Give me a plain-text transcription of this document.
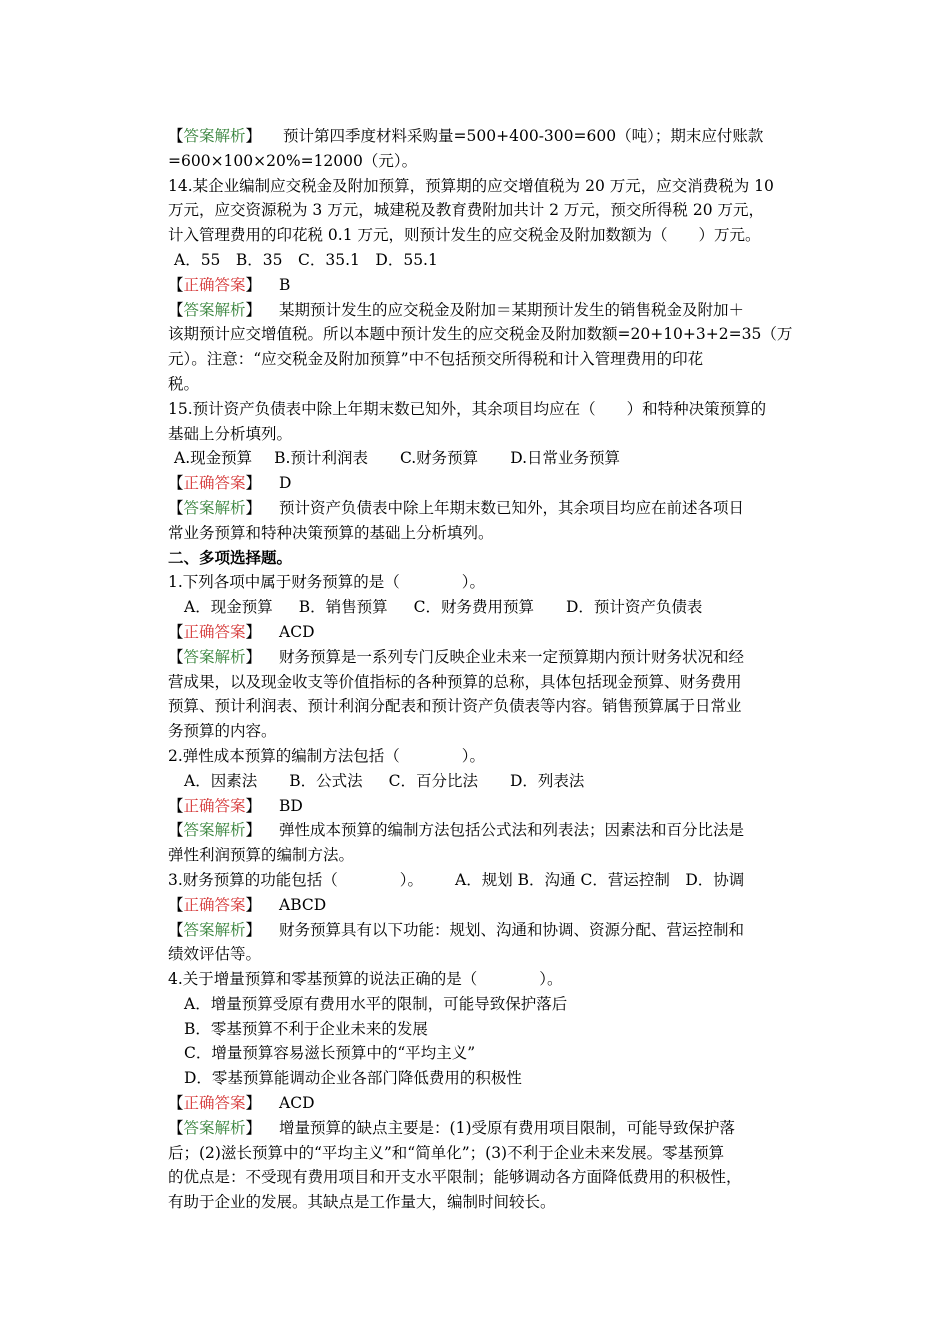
【答案解析】 预计第四季度材料采购量=500+400-300=600（吨）；期末应付账款

=600×100×20%=12000（元）。

14.某企业编制应交税金及附加预算，预算期的应交增值税为 20 万元，应交消费税为 10

万元，应交资源税为 3 万元，城建税及教育费附加共计 2 万元，预交所得税 20 万元，

计入管理费用的印花税 0.1 万元，则预计发生的应交税金及附加数额为（　　）万元。

A．55　B．35　C．35.1　D．55.1

【正确答案】 B

【答案解析】 某期预计发生的应交税金及附加＝某期预计发生的销售税金及附加＋

该期预计应交增值税。所以本题中预计发生的应交税金及附加数额=20+10+3+2=35（万

元）。注意：“应交税金及附加预算”中不包括预交所得税和计入管理费用的印花

税。

15.预计资产负债表中除上年期末数已知外，其余项目均应在（　　）和特种决策预算的

基础上分析填列。

A.现金预算 B.预计利润表 C.财务预算 D.日常业务预算

【正确答案】 D

【答案解析】 预计资产负债表中除上年期末数已知外，其余项目均应在前述各项日

常业务预算和特种决策预算的基础上分析填列。

二、多项选择题。

1.下列各项中属于财务预算的是（　　　　）。

A．现金预算 B．销售预算 C．财务费用预算 D．预计资产负债表

【正确答案】 ACD

【答案解析】 财务预算是一系列专门反映企业未来一定预算期内预计财务状况和经

营成果，以及现金收支等价值指标的各种预算的总称，具体包括现金预算、财务费用

预算、预计利润表、预计利润分配表和预计资产负债表等内容。销售预算属于日常业

务预算的内容。

2.弹性成本预算的编制方法包括（　　　　）。

A．因素法 B．公式法 C．百分比法 D．列表法

【正确答案】 BD

【答案解析】 弹性成本预算的编制方法包括公式法和列表法；因素法和百分比法是

弹性利润预算的编制方法。

3.财务预算的功能包括（　　　　）。 A．规划 B．沟通 C．营运控制　D．协调

【正确答案】 ABCD

【答案解析】 财务预算具有以下功能：规划、沟通和协调、资源分配、营运控制和

绩效评估等。

4.关于增量预算和零基预算的说法正确的是（　　　　）。

A．增量预算受原有费用水平的限制，可能导致保护落后

B．零基预算不利于企业未来的发展

C．增量预算容易滋长预算中的“平均主义”

D．零基预算能调动企业各部门降低费用的积极性

【正确答案】 ACD

【答案解析】 增量预算的缺点主要是：(1)受原有费用项目限制，可能导致保护落

后；(2)滋长预算中的“平均主义”和“简单化”；(3)不利于企业未来发展。零基预算

的优点是：不受现有费用项目和开支水平限制；能够调动各方面降低费用的积极性，

有助于企业的发展。其缺点是工作量大，编制时间较长。
